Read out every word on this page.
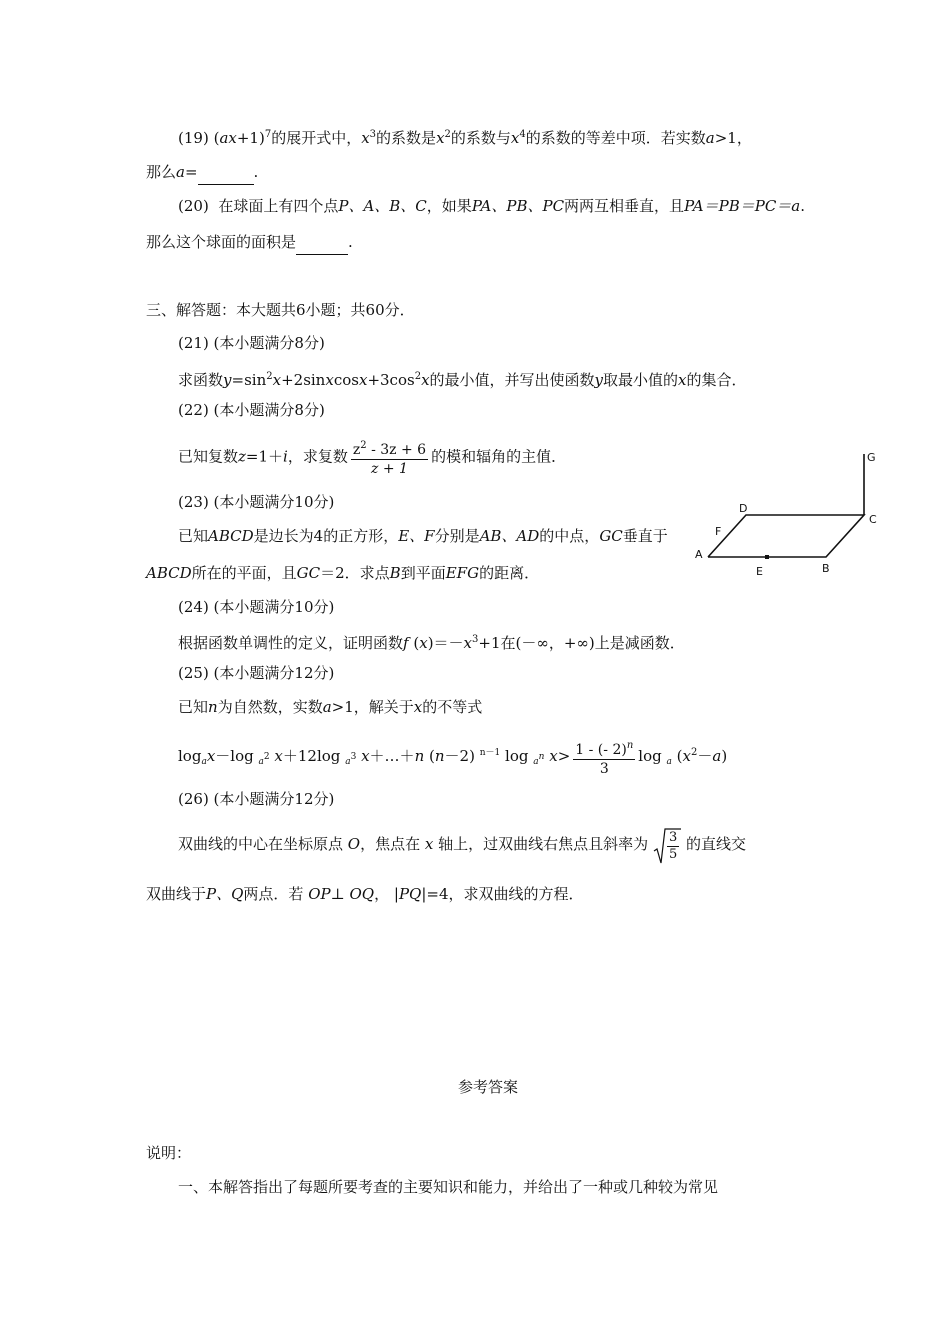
(19) $(ax+1)^7$的展开式中，$x^3$的系数是$x^2$的系数与$x^4$的系数的等差中项．若实数a>1，
那么a=	.
(20) 在球面上有四个点P、A、B、C，如果PA、PB、PC两两互相垂直，且PA＝PB＝PC＝a.
那么这个球面的面积是	.
三、解答题：本大题共6小题；共60分．
(21) (本小题满分8分)
求函数$y=\sin^2x+2sinxcosx+3\cos^2x$的最小值，并写出使函数y取最小值的x的集合．
(22) (本小题满分8分)
已知复数z=1＋i，求复数 $\frac{z^2 - 3z + 6}{z + 1}$ 的模和辐角的主值．
(23) (本小题满分10分)
已知ABCD是边长为4的正方形，E、F分别是AB、AD的中点，GC垂直于
ABCD所在的平面，且GC＝2．求点B到平面EFG的距离．
G
D
C
F
A
E	B
(24) (本小题满分10分)
根据函数单调性的定义，证明函数f $(x)=-x^3+1$在(－∞，+∞)上是减函数．
(25) (本小题满分12分)
已知n为自然数，实数a>1，解关于x的不等式
$\log_ax-\log$ $_a^2$ x＋12log $_a^3$ x＋…＋n (n－2) $^{n-1}$ log $_a^n$ $x> \frac{1 - (- 2)^n}{3}$ log $_a$ $(x^2-a)$
(26) (本小题满分12分)
双曲线的中心在坐标原点 O，焦点在 x 轴上，过双曲线右焦点且斜率为 $\frac{3}{5}$ 的直线交
双曲线于P、Q两点．若 OP⊥ OQ， |PQ|=4，求双曲线的方程．
参考答案
说明：
一、本解答指出了每题所要考查的主要知识和能力，并给出了一种或几种较为常见
